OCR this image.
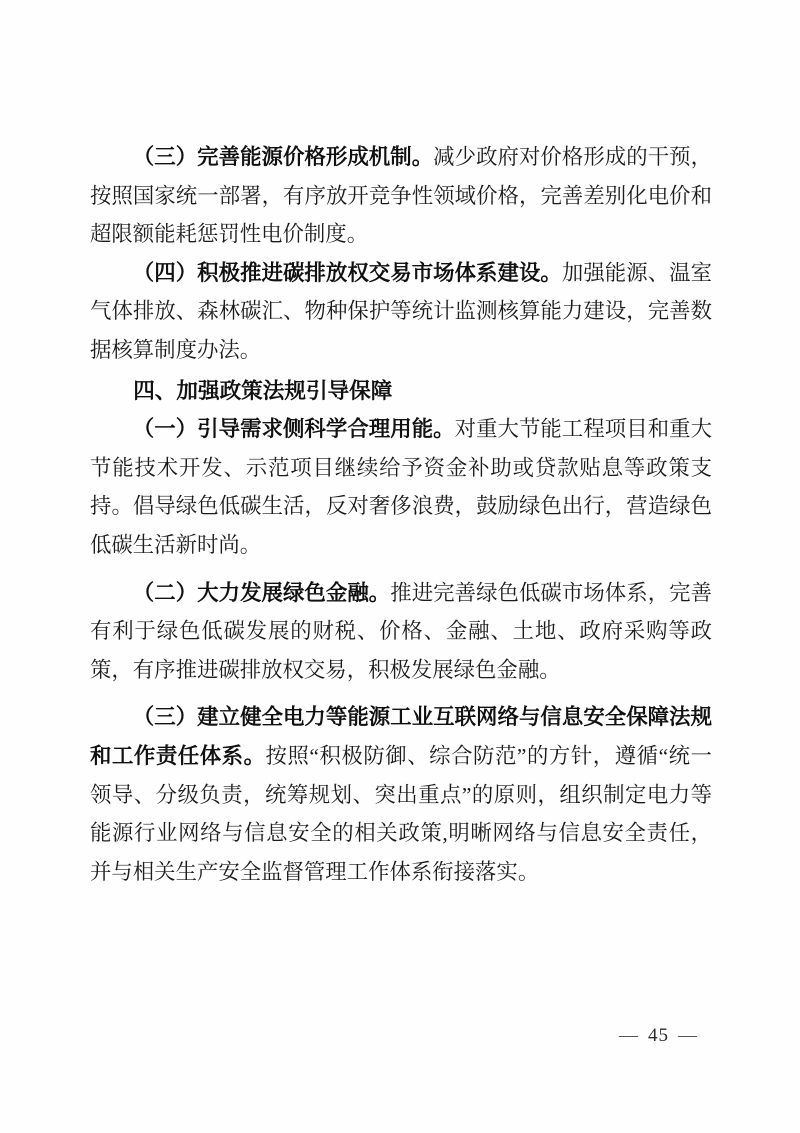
（三）完善能源价格形成机制。减少政府对价格形成的干预，按照国家统一部署，有序放开竞争性领域价格，完善差别化电价和超限额能耗惩罚性电价制度。

（四）积极推进碳排放权交易市场体系建设。加强能源、温室气体排放、森林碳汇、物种保护等统计监测核算能力建设，完善数据核算制度办法。

四、加强政策法规引导保障

（一）引导需求侧科学合理用能。对重大节能工程项目和重大节能技术开发、示范项目继续给予资金补助或贷款贴息等政策支持。倡导绿色低碳生活，反对奢侈浪费，鼓励绿色出行，营造绿色低碳生活新时尚。

（二）大力发展绿色金融。推进完善绿色低碳市场体系，完善有利于绿色低碳发展的财税、价格、金融、土地、政府采购等政策，有序推进碳排放权交易，积极发展绿色金融。

（三）建立健全电力等能源工业互联网络与信息安全保障法规和工作责任体系。按照“积极防御、综合防范”的方针，遵循“统一领导、分级负责，统筹规划、突出重点”的原则，组织制定电力等能源行业网络与信息安全的相关政策,明晰网络与信息安全责任，并与相关生产安全监督管理工作体系衔接落实。

— 45 —
